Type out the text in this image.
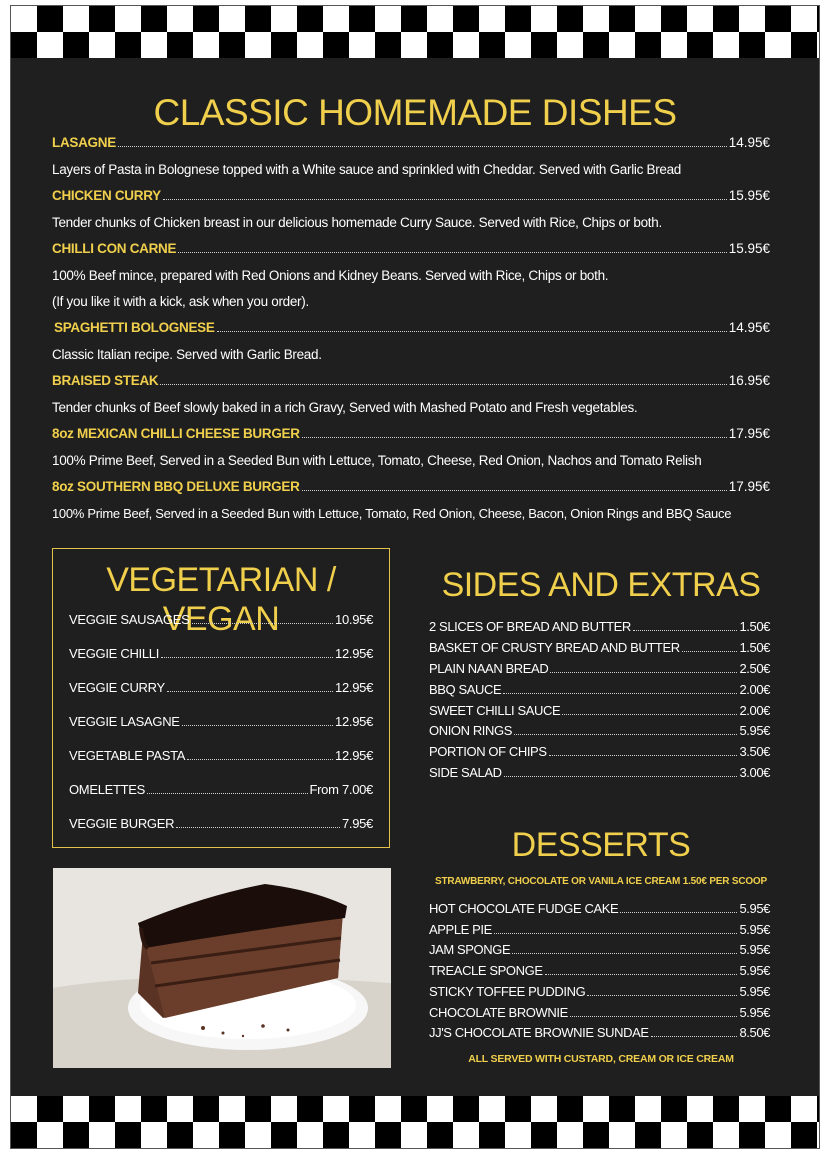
CLASSIC HOMEMADE DISHES
LASAGNE	14.95€
Layers of Pasta in Bolognese topped with a White sauce and sprinkled with Cheddar. Served with Garlic Bread
CHICKEN CURRY	15.95€
Tender chunks of Chicken breast in our delicious homemade Curry Sauce. Served with Rice, Chips or both.
CHILLI CON CARNE	15.95€
100% Beef mince, prepared with Red Onions and Kidney Beans. Served with Rice, Chips or both.
(If you like it with a kick, ask when you order).
SPAGHETTI BOLOGNESE	14.95€
Classic Italian recipe. Served with Garlic Bread.
BRAISED STEAK	16.95€
Tender chunks of Beef slowly baked in a rich Gravy, Served with Mashed Potato and Fresh vegetables.
8oz MEXICAN CHILLI CHEESE BURGER	17.95€
100% Prime Beef, Served in a Seeded Bun with Lettuce, Tomato, Cheese, Red Onion, Nachos and Tomato Relish
8oz SOUTHERN BBQ DELUXE BURGER	17.95€
100% Prime Beef, Served in a Seeded Bun with Lettuce, Tomato, Red Onion, Cheese, Bacon, Onion Rings and BBQ Sauce
VEGETARIAN / VEGAN
VEGGIE SAUSAGES	10.95€
VEGGIE CHILLI	12.95€
VEGGIE CURRY	12.95€
VEGGIE LASAGNE	12.95€
VEGETABLE PASTA	12.95€
OMELETTES	From 7.00€
VEGGIE BURGER	7.95€
SIDES AND EXTRAS
2 SLICES OF BREAD AND BUTTER	1.50€
BASKET OF CRUSTY BREAD AND BUTTER	1.50€
PLAIN NAAN BREAD	2.50€
BBQ SAUCE	2.00€
SWEET CHILLI SAUCE	2.00€
ONION RINGS	5.95€
PORTION OF CHIPS	3.50€
SIDE SALAD	3.00€
DESSERTS
STRAWBERRY, CHOCOLATE OR VANILA ICE CREAM 1.50€ PER SCOOP
HOT CHOCOLATE FUDGE CAKE	5.95€
APPLE PIE	5.95€
JAM SPONGE	5.95€
TREACLE SPONGE	5.95€
STICKY TOFFEE PUDDING	5.95€
CHOCOLATE BROWNIE	5.95€
JJ'S CHOCOLATE BROWNIE SUNDAE	8.50€
ALL SERVED WITH CUSTARD, CREAM OR ICE CREAM
